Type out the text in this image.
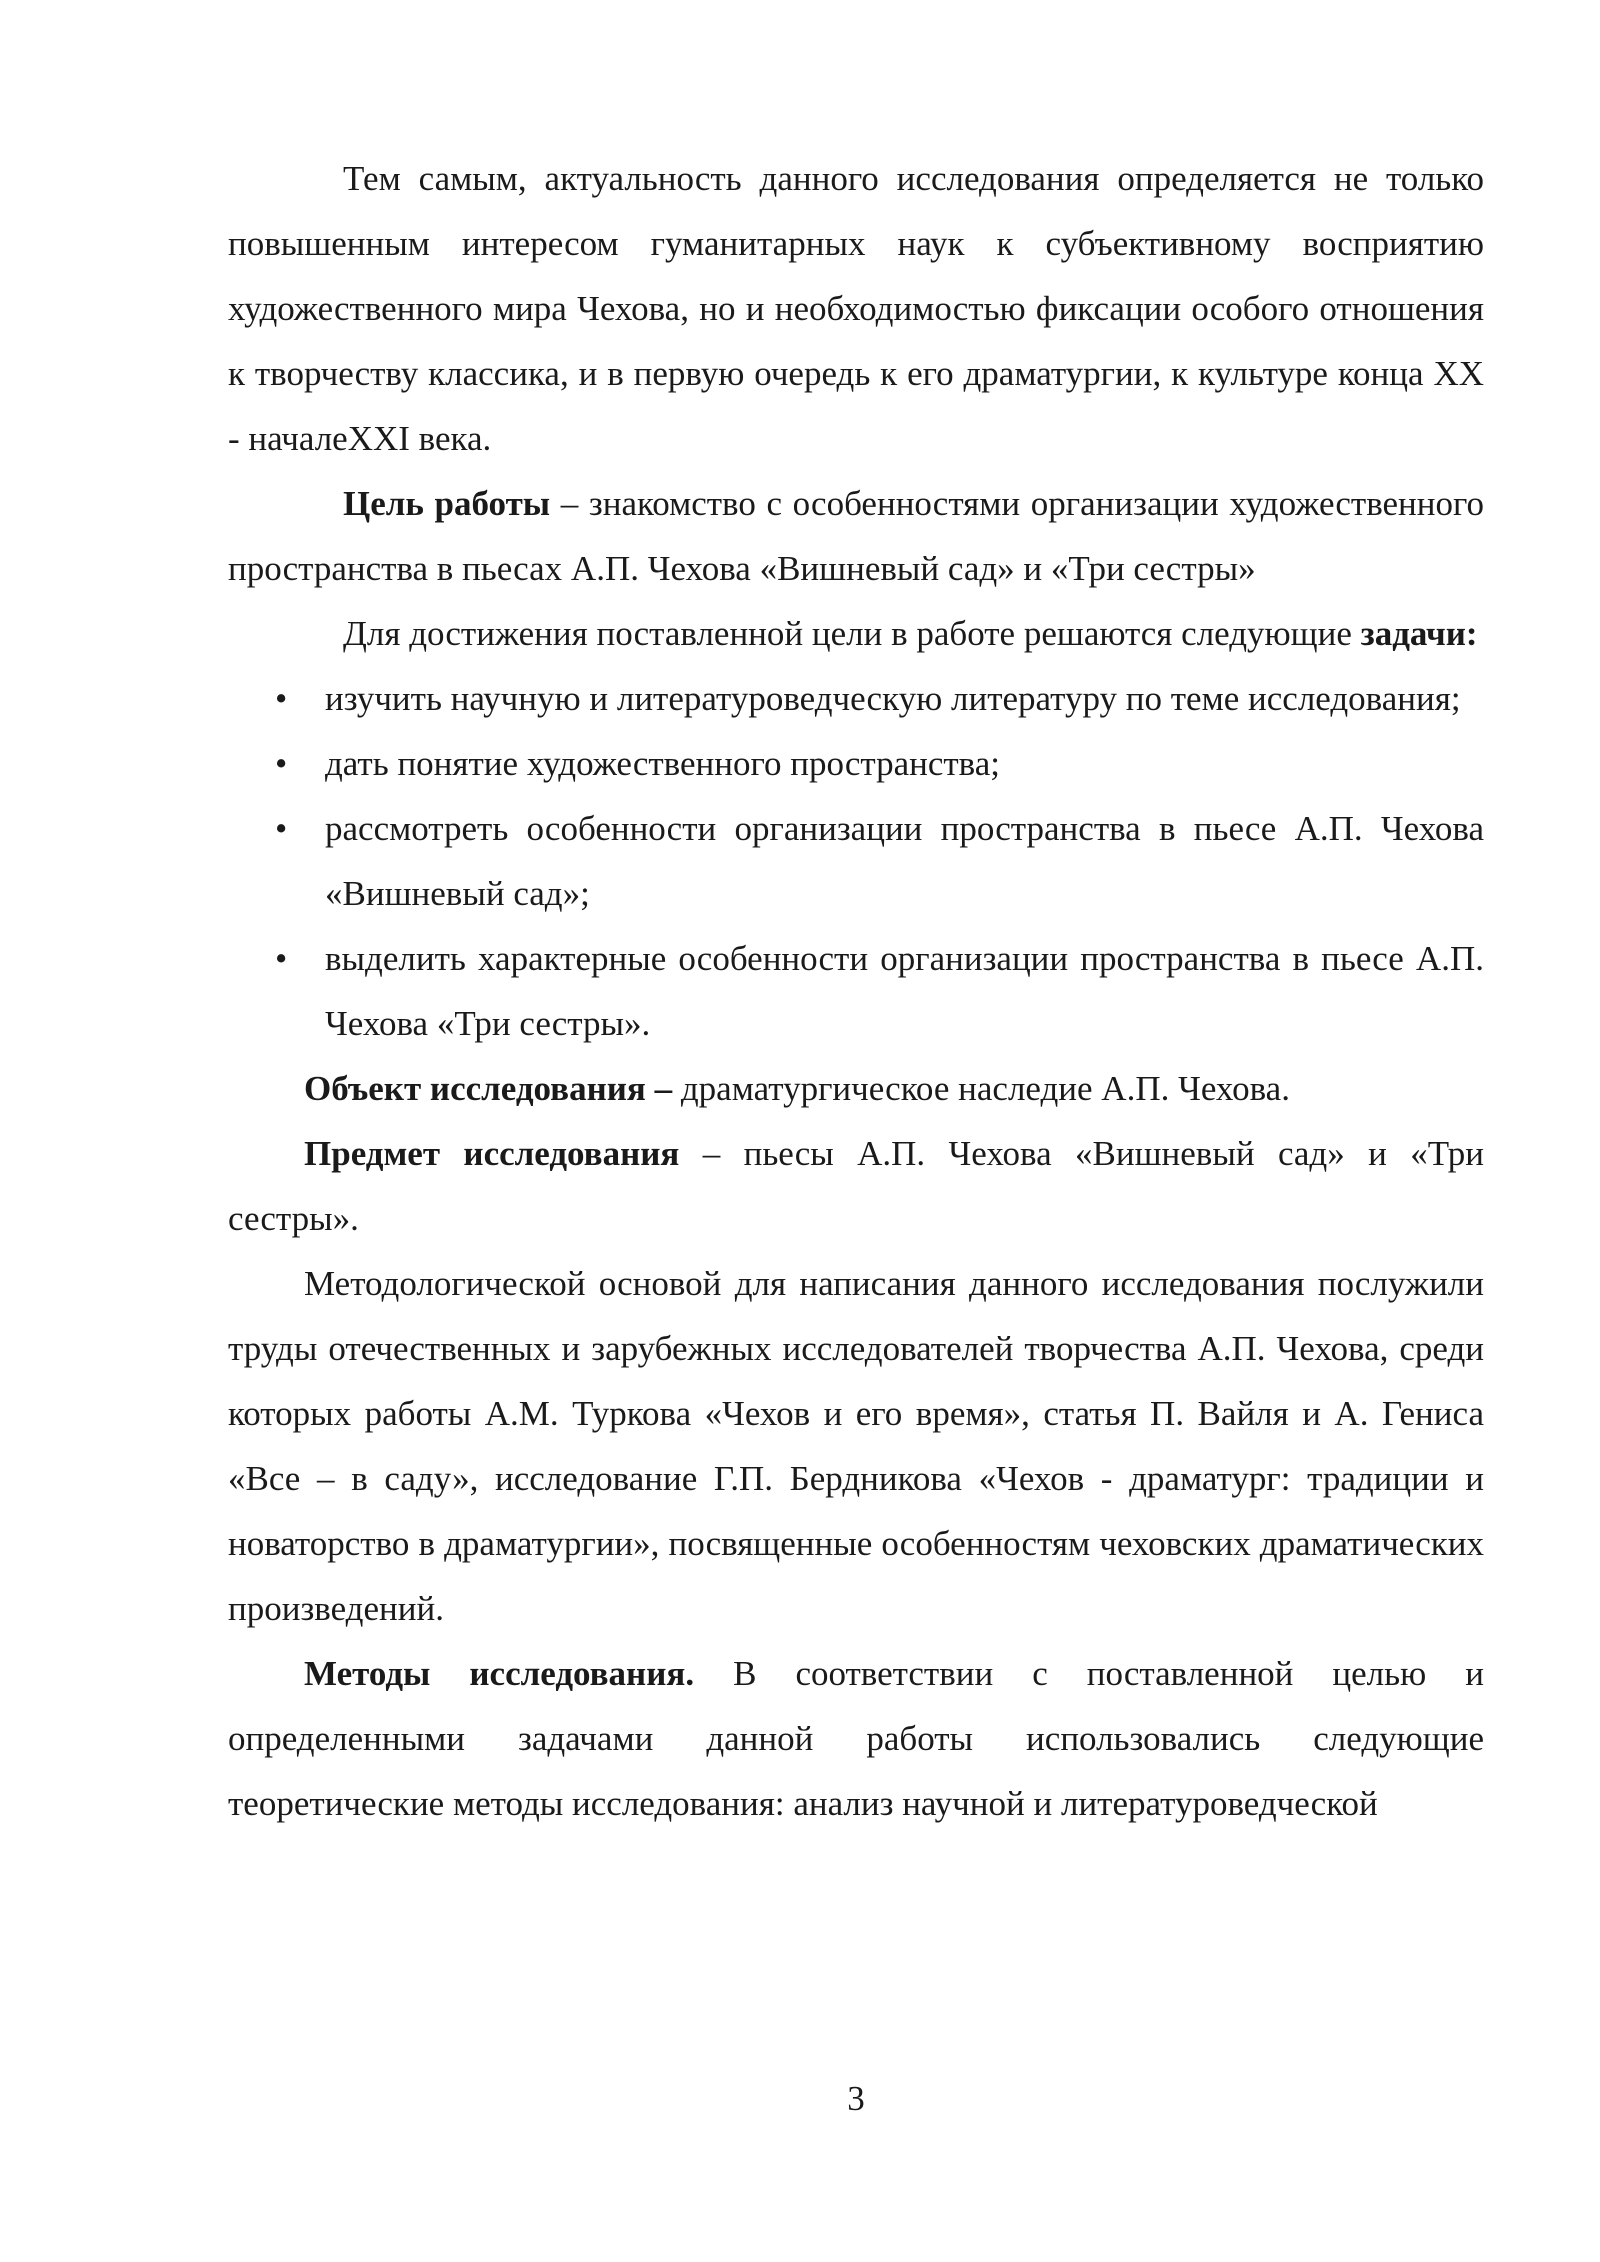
Тем самым, актуальность данного исследования определяется не только повышенным интересом гуманитарных наук к субъективному восприятию художественного мира Чехова, но и необходимостью фиксации особого отношения к творчеству классика, и в первую очередь к его драматургии, к культуре конца XX - началеXXI века.

Цель работы – знакомство с особенностями организации художественного пространства в пьесах А.П. Чехова «Вишневый сад» и «Три сестры»

Для достижения поставленной цели в работе решаются следующие задачи:

• изучить научную и литературоведческую литературу по теме исследования;
• дать понятие художественного пространства;
• рассмотреть особенности организации пространства в пьесе А.П. Чехова «Вишневый сад»;
• выделить характерные особенности организации пространства в пьесе А.П. Чехова «Три сестры».

Объект исследования – драматургическое наследие А.П. Чехова.

Предмет исследования – пьесы А.П. Чехова «Вишневый сад» и «Три сестры».

Методологической основой для написания данного исследования послужили труды отечественных и зарубежных исследователей творчества А.П. Чехова, среди которых работы А.М. Туркова «Чехов и его время», статья П. Вайля и А. Гениса «Все – в саду», исследование Г.П. Бердникова «Чехов - драматург: традиции и новаторство в драматургии», посвященные особенностям чеховских драматических произведений.

Методы исследования. В соответствии с поставленной целью и определенными задачами данной работы использовались следующие теоретические методы исследования: анализ научной и литературоведческой

3
